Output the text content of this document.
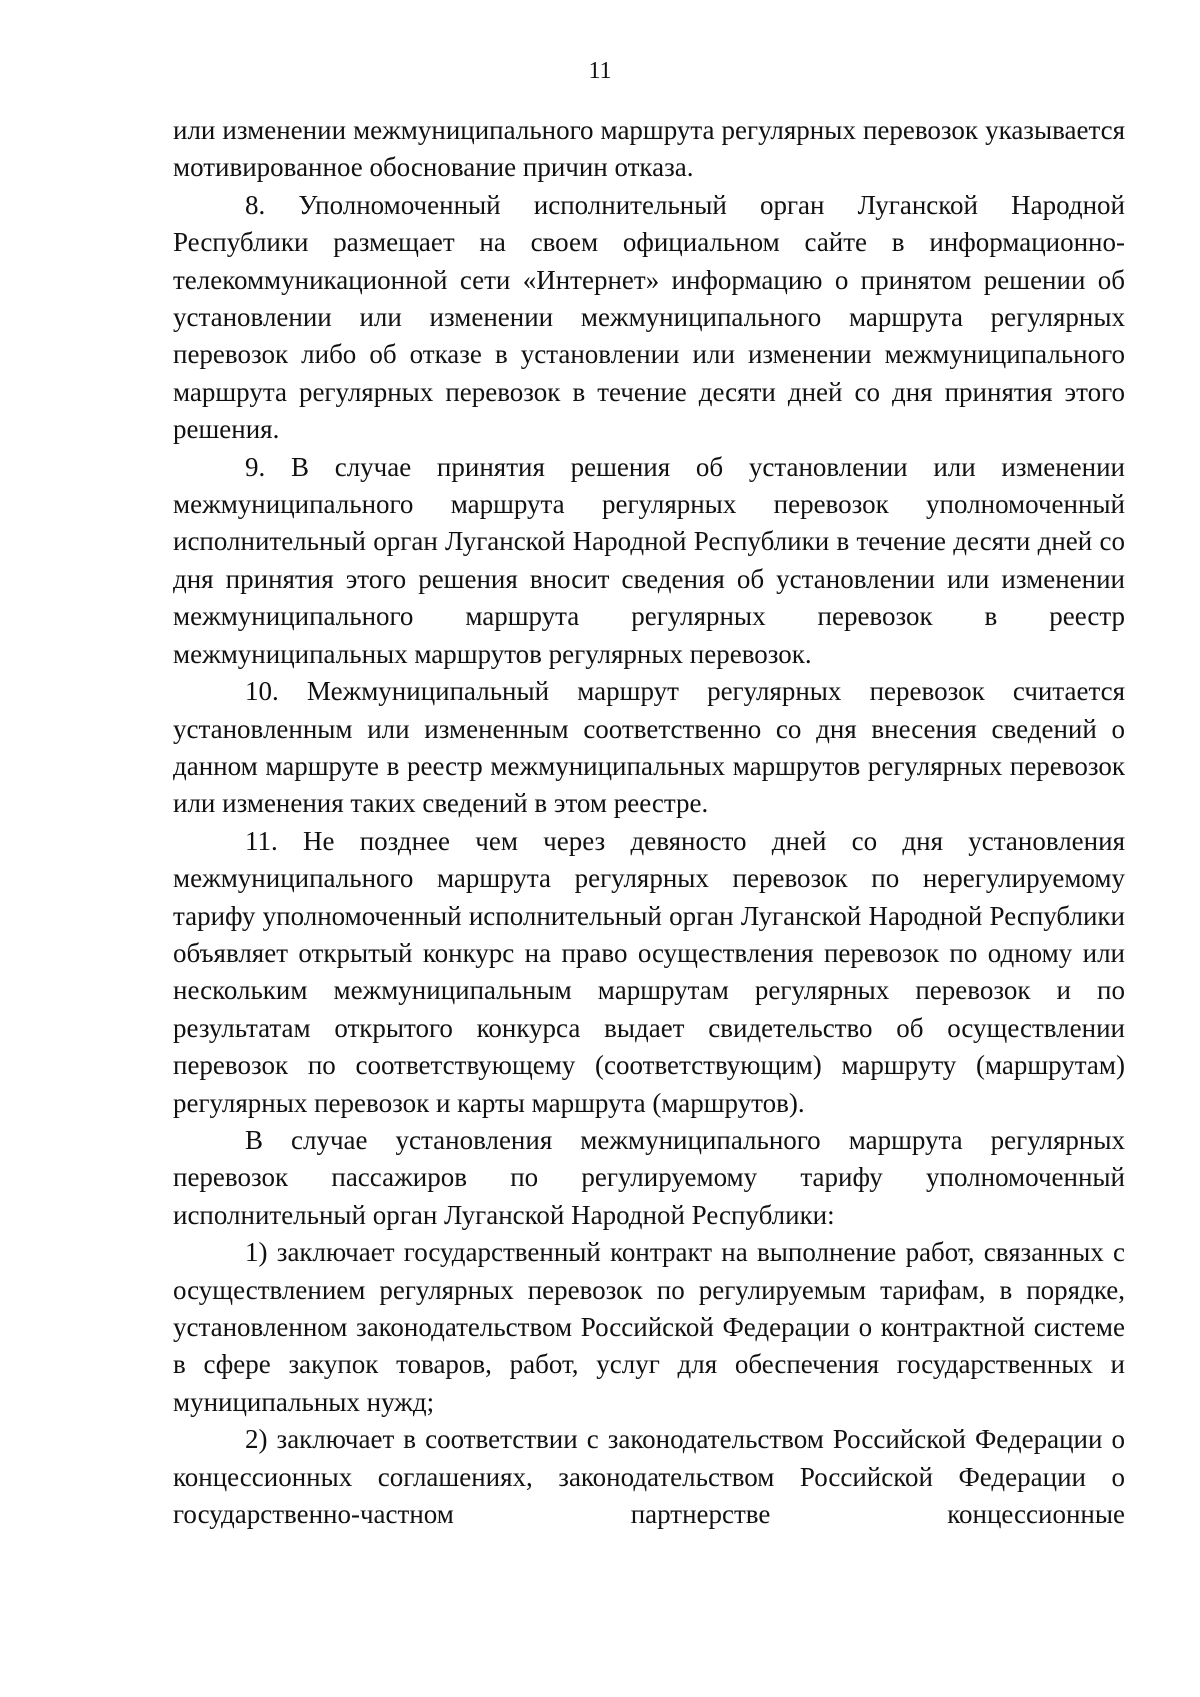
11

или изменении межмуниципального маршрута регулярных перевозок указывается мотивированное обоснование причин отказа.

8. Уполномоченный исполнительный орган Луганской Народной Республики размещает на своем официальном сайте в информационно-телекоммуникационной сети «Интернет» информацию о принятом решении об установлении или изменении межмуниципального маршрута регулярных перевозок либо об отказе в установлении или изменении межмуниципального маршрута регулярных перевозок в течение десяти дней со дня принятия этого решения.

9. В случае принятия решения об установлении или изменении межмуниципального маршрута регулярных перевозок уполномоченный исполнительный орган Луганской Народной Республики в течение десяти дней со дня принятия этого решения вносит сведения об установлении или изменении межмуниципального маршрута регулярных перевозок в реестр межмуниципальных маршрутов регулярных перевозок.

10. Межмуниципальный маршрут регулярных перевозок считается установленным или измененным соответственно со дня внесения сведений о данном маршруте в реестр межмуниципальных маршрутов регулярных перевозок или изменения таких сведений в этом реестре.

11. Не позднее чем через девяносто дней со дня установления межмуниципального маршрута регулярных перевозок по нерегулируемому тарифу уполномоченный исполнительный орган Луганской Народной Республики объявляет открытый конкурс на право осуществления перевозок по одному или нескольким межмуниципальным маршрутам регулярных перевозок и по результатам открытого конкурса выдает свидетельство об осуществлении перевозок по соответствующему (соответствующим) маршруту (маршрутам) регулярных перевозок и карты маршрута (маршрутов).

В случае установления межмуниципального маршрута регулярных перевозок пассажиров по регулируемому тарифу уполномоченный исполнительный орган Луганской Народной Республики:

1) заключает государственный контракт на выполнение работ, связанных с осуществлением регулярных перевозок по регулируемым тарифам, в порядке, установленном законодательством Российской Федерации о контрактной системе в сфере закупок товаров, работ, услуг для обеспечения государственных и муниципальных нужд;

2) заключает в соответствии с законодательством Российской Федерации о концессионных соглашениях, законодательством Российской Федерации о государственно-частном партнерстве концессионные
